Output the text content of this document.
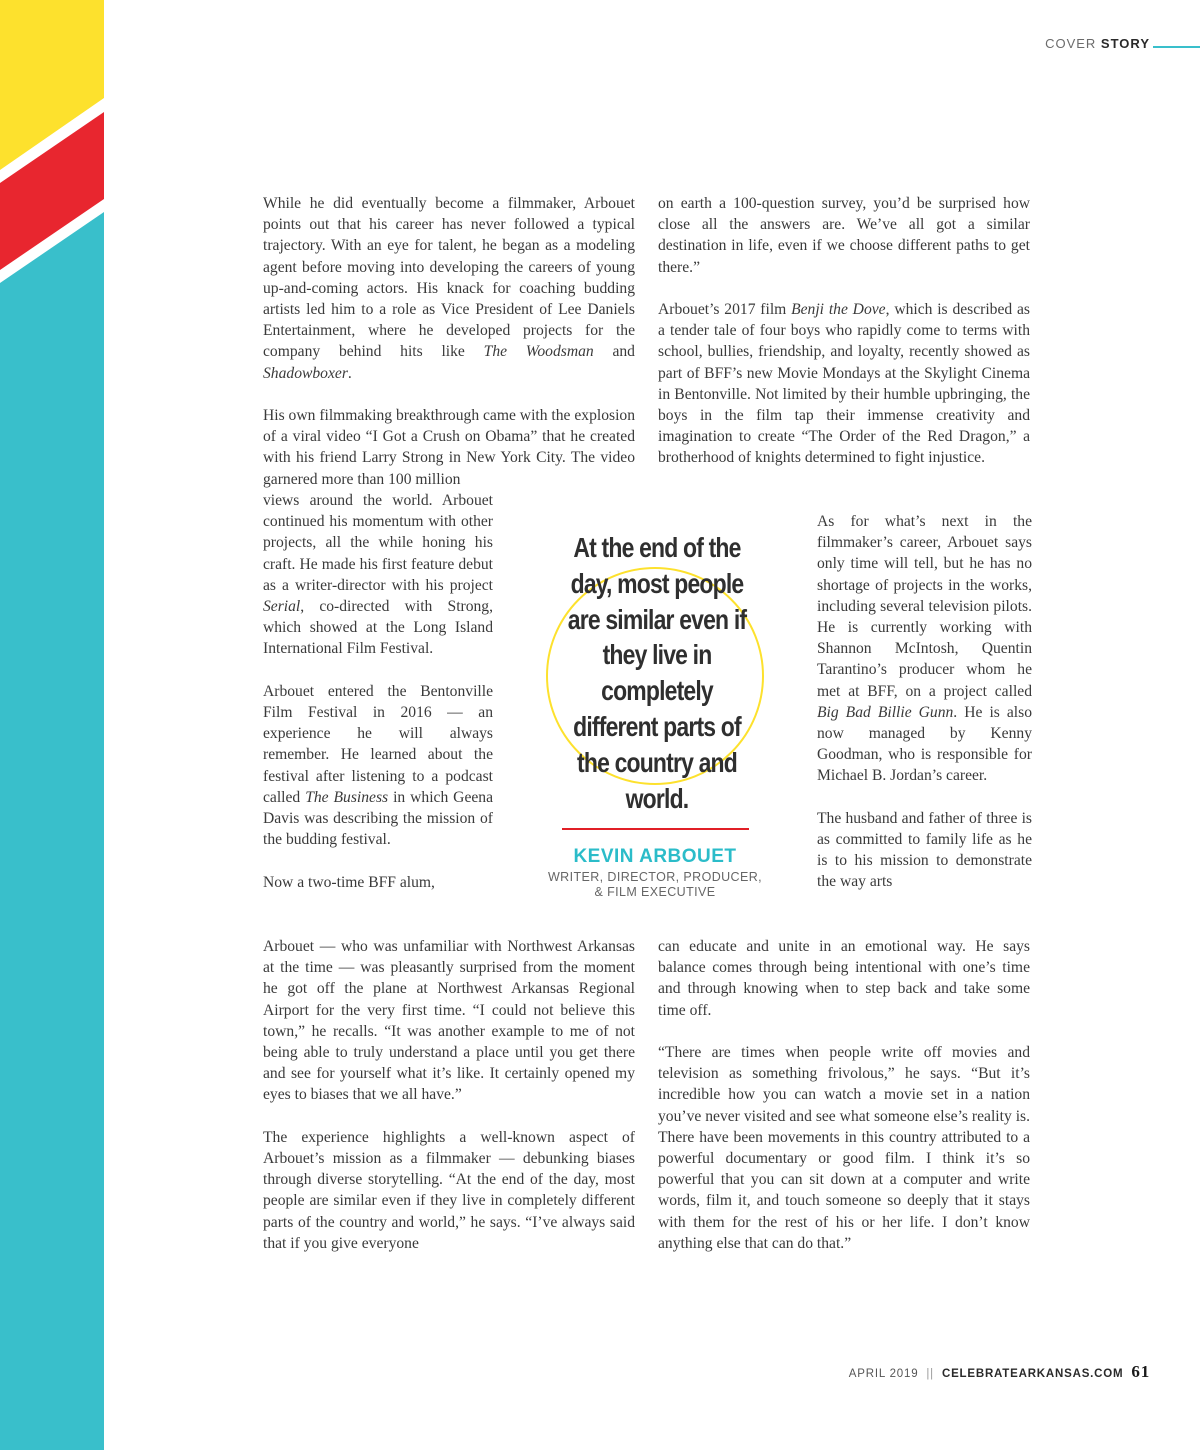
COVER STORY

While he did eventually become a filmmaker, Arbouet points out that his career has never followed a typical trajectory. With an eye for talent, he began as a modeling agent before moving into developing the careers of young up-and-coming actors. His knack for coaching budding artists led him to a role as Vice President of Lee Daniels Entertainment, where he developed projects for the company behind hits like The Woodsman and Shadowboxer.

His own filmmaking breakthrough came with the explosion of a viral video “I Got a Crush on Obama” that he created with his friend Larry Strong in New York City. The video garnered more than 100 million

views around the world. Arbouet continued his momentum with other projects, all the while honing his craft. He made his first feature debut as a writer-director with his project Serial, co-directed with Strong, which showed at the Long Island International Film Festival.

Arbouet entered the Bentonville Film Festival in 2016 — an experience he will always remember. He learned about the festival after listening to a podcast called The Business in which Geena Davis was describing the mission of the budding festival.

Now a two-time BFF alum,

Arbouet — who was unfamiliar with Northwest Arkansas at the time — was pleasantly surprised from the moment he got off the plane at Northwest Arkansas Regional Airport for the very first time. “I could not believe this town,” he recalls. “It was another example to me of not being able to truly understand a place until you get there and see for yourself what it’s like. It certainly opened my eyes to biases that we all have.”

The experience highlights a well-known aspect of Arbouet’s mission as a filmmaker — debunking biases through diverse storytelling. “At the end of the day, most people are similar even if they live in completely different parts of the country and world,” he says. “I’ve always said that if you give everyone

on earth a 100-question survey, you’d be surprised how close all the answers are. We’ve all got a similar destination in life, even if we choose different paths to get there.”

Arbouet’s 2017 film Benji the Dove, which is described as a tender tale of four boys who rapidly come to terms with school, bullies, friendship, and loyalty, recently showed as part of BFF’s new Movie Mondays at the Skylight Cinema in Bentonville. Not limited by their humble upbringing, the boys in the film tap their immense creativity and imagination to create “The Order of the Red Dragon,” a brotherhood of knights determined to fight injustice.

As for what’s next in the filmmaker’s career, Arbouet says only time will tell, but he has no shortage of projects in the works, including several television pilots. He is currently working with Shannon McIntosh, Quentin Tarantino’s producer whom he met at BFF, on a project called Big Bad Billie Gunn. He is also now managed by Kenny Goodman, who is responsible for Michael B. Jordan’s career.

The husband and father of three is as committed to family life as he is to his mission to demonstrate the way arts

can educate and unite in an emotional way. He says balance comes through being intentional with one’s time and through knowing when to step back and take some time off.

“There are times when people write off movies and television as something frivolous,” he says. “But it’s incredible how you can watch a movie set in a nation you’ve never visited and see what someone else’s reality is. There have been movements in this country attributed to a powerful documentary or good film. I think it’s so powerful that you can sit down at a computer and write words, film it, and touch someone so deeply that it stays with them for the rest of his or her life. I don’t know anything else that can do that.”

At the end of the day, most people are similar even if they live in completely different parts of the country and world.
KEVIN ARBOUET
WRITER, DIRECTOR, PRODUCER,
& FILM EXECUTIVE
APRIL 2019 || CELEBRATEARKANSAS.COM 61
